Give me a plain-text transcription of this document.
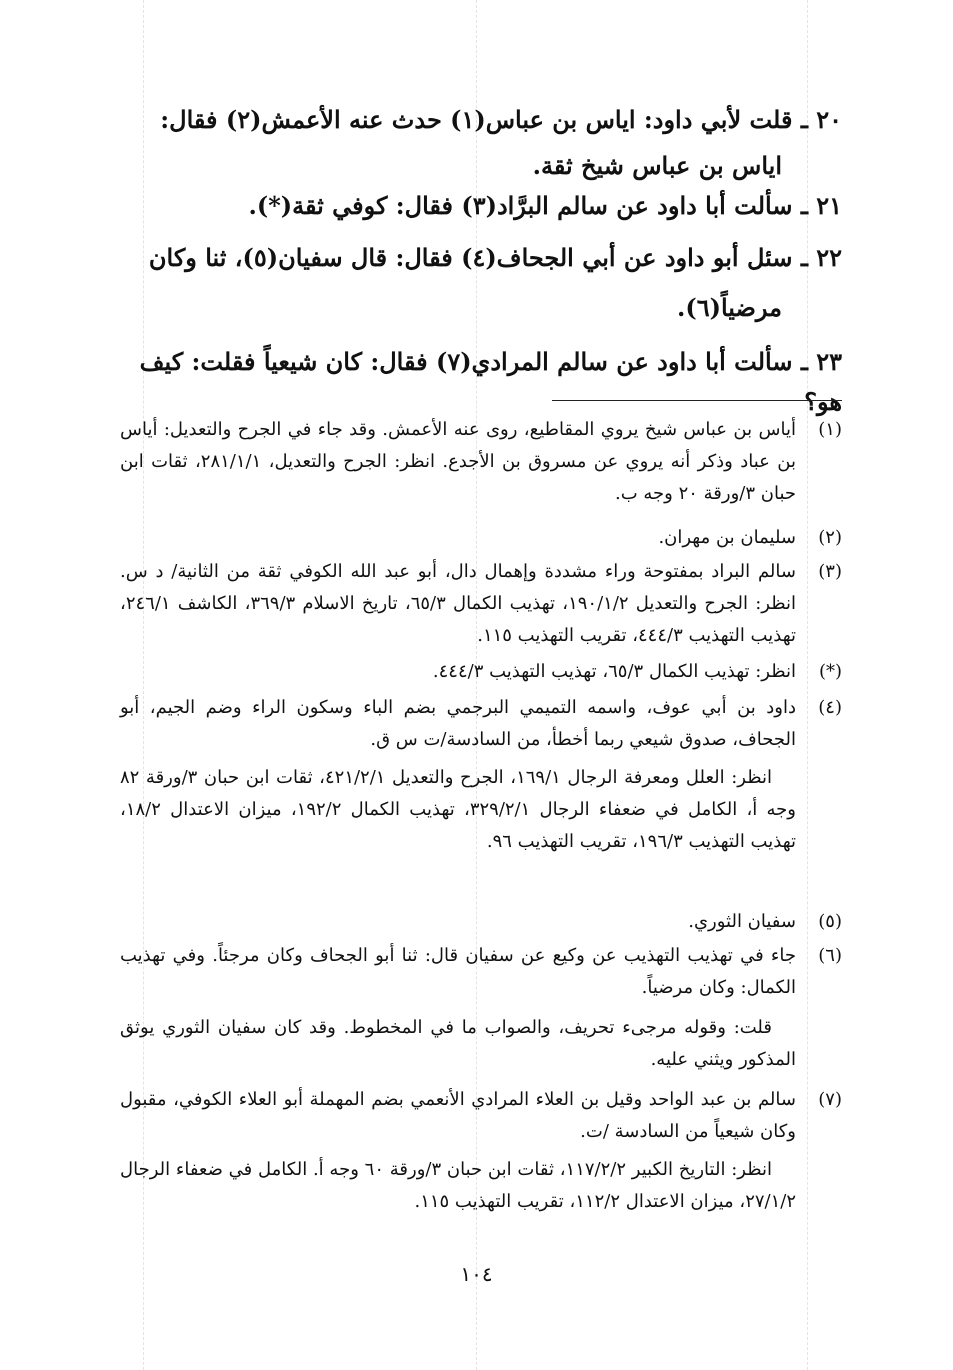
٢٠ ـ قلت لأبي داود: اياس بن عباس(١) حدث عنه الأعمش(٢) فقال:
اياس بن عباس شيخ ثقة.
٢١ ـ سألت أبا داود عن سالم البرَّاد(٣) فقال: كوفي ثقة(*).
٢٢ ـ سئل أبو داود عن أبي الجحاف(٤) فقال: قال سفيان(٥)، ثنا وكان
مرضياً(٦).
٢٣ ـ سألت أبا داود عن سالم المرادي(٧) فقال: كان شيعياً فقلت: كيف هو؟
(١)
أياس بن عباس شيخ يروي المقاطيع، روى عنه الأعمش. وقد جاء في الجرح والتعديل: أياس بن عباد وذكر أنه يروي عن مسروق بن الأجدع. انظر: الجرح والتعديل، ٢٨١/١/١، ثقات ابن حبان ٣/ورقة ٢٠ وجه ب.
(٢)
سليمان بن مهران.
(٣)
سالم البراد بمفتوحة وراء مشددة وإهمال دال، أبو عبد الله الكوفي ثقة من الثانية/ د س. انظر: الجرح والتعديل ١٩٠/١/٢، تهذيب الكمال ٦٥/٣، تاريخ الاسلام ٣٦٩/٣، الكاشف ٢٤٦/١، تهذيب التهذيب ٤٤٤/٣، تقريب التهذيب ١١٥.
(*)
انظر: تهذيب الكمال ٦٥/٣، تهذيب التهذيب ٤٤٤/٣.
(٤)
داود بن أبي عوف، واسمه التميمي البرجمي بضم الباء وسكون الراء وضم الجيم، أبو الجحاف، صدوق شيعي ربما أخطأ، من السادسة/ت س ق.
انظر: العلل ومعرفة الرجال ١٦٩/١، الجرح والتعديل ٤٢١/٢/١، ثقات ابن حبان ٣/ورقة ٨٢ وجه أ، الكامل في ضعفاء الرجال ٣٢٩/٢/١، تهذيب الكمال ١٩٢/٢، ميزان الاعتدال ١٨/٢، تهذيب التهذيب ١٩٦/٣، تقريب التهذيب ٩٦.
(٥)
سفيان الثوري.
(٦)
جاء في تهذيب التهذيب عن وكيع عن سفيان قال: ثنا أبو الجحاف وكان مرجئاً. وفي تهذيب الكمال: وكان مرضياً.
قلت: وقوله مرجىء تحريف، والصواب ما في المخطوط. وقد كان سفيان الثوري يوثق المذكور ويثني عليه.
(٧)
سالم بن عبد الواحد وقيل بن العلاء المرادي الأنعمي بضم المهملة أبو العلاء الكوفي، مقبول وكان شيعياً من السادسة /ت.
انظر: التاريخ الكبير ١١٧/٢/٢، ثقات ابن حبان ٣/ورقة ٦٠ وجه أ. الكامل في ضعفاء الرجال ٢٧/١/٢، ميزان الاعتدال ١١٢/٢، تقريب التهذيب ١١٥.
١٠٤
